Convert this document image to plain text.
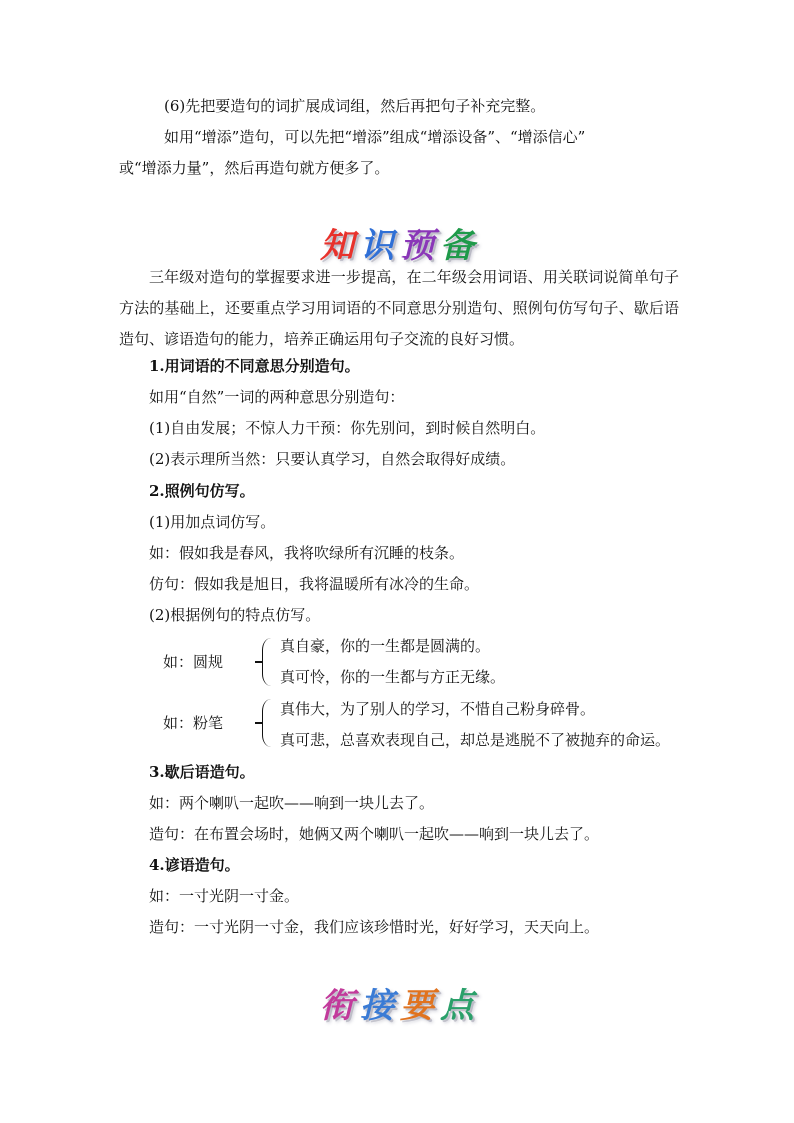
(6)先把要造句的词扩展成词组，然后再把句子补充完整。
如用“增添”造句，可以先把“增添”组成“增添设备”、“增添信心”
或“增添力量”，然后再造句就方便多了。
知 识 预 备
三年级对造句的掌握要求进一步提高，在二年级会用词语、用关联词说简单句子方法的基础上，还要重点学习用词语的不同意思分别造句、照例句仿写句子、歇后语造句、谚语造句的能力，培养正确运用句子交流的良好习惯。
1.用词语的不同意思分别造句。
如用“自然”一词的两种意思分别造句：
(1)自由发展；不惊人力干预：你先别问，到时候自然明白。
(2)表示理所当然：只要认真学习，自然会取得好成绩。
2.照例句仿写。
(1)用加点词仿写。
如：假如我是春风，我将吹绿所有沉睡的枝条。
仿句：假如我是旭日，我将温暖所有冰冷的生命。
(2)根据例句的特点仿写。
如：圆规
真自豪，你的一生都是圆满的。
真可怜，你的一生都与方正无缘。
如：粉笔
真伟大，为了别人的学习，不惜自己粉身碎骨。
真可悲，总喜欢表现自己，却总是逃脱不了被抛弃的命运。
3.歇后语造句。
如：两个喇叭一起吹——响到一块儿去了。
造句：在布置会场时，她俩又两个喇叭一起吹——响到一块儿去了。
4.谚语造句。
如：一寸光阴一寸金。
造句：一寸光阴一寸金，我们应该珍惜时光，好好学习，天天向上。
衔 接 要 点
